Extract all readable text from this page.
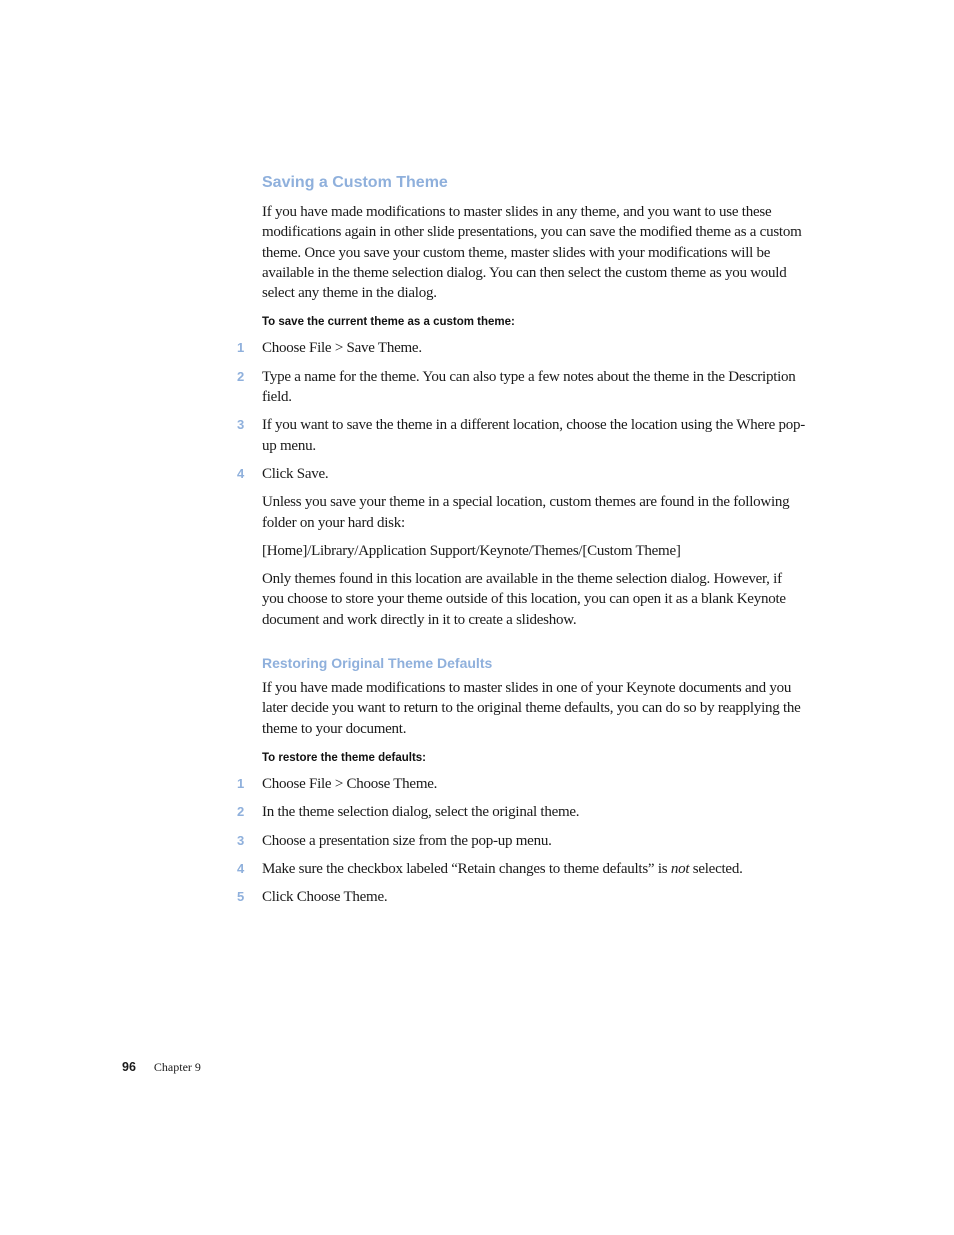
Saving a Custom Theme

If you have made modifications to master slides in any theme, and you want to use these modifications again in other slide presentations, you can save the modified theme as a custom theme. Once you save your custom theme, master slides with your modifications will be available in the theme selection dialog. You can then select the custom theme as you would select any theme in the dialog.

To save the current theme as a custom theme:
1 Choose File > Save Theme.
2 Type a name for the theme. You can also type a few notes about the theme in the Description field.
3 If you want to save the theme in a different location, choose the location using the Where pop-up menu.
4 Click Save.

Unless you save your theme in a special location, custom themes are found in the following folder on your hard disk:

[Home]/Library/Application Support/Keynote/Themes/[Custom Theme]

Only themes found in this location are available in the theme selection dialog. However, if you choose to store your theme outside of this location, you can open it as a blank Keynote document and work directly in it to create a slideshow.

Restoring Original Theme Defaults

If you have made modifications to master slides in one of your Keynote documents and you later decide you want to return to the original theme defaults, you can do so by reapplying the theme to your document.

To restore the theme defaults:
1 Choose File > Choose Theme.
2 In the theme selection dialog, select the original theme.
3 Choose a presentation size from the pop-up menu.
4 Make sure the checkbox labeled “Retain changes to theme defaults” is not selected.
5 Click Choose Theme.
96 Chapter 9
